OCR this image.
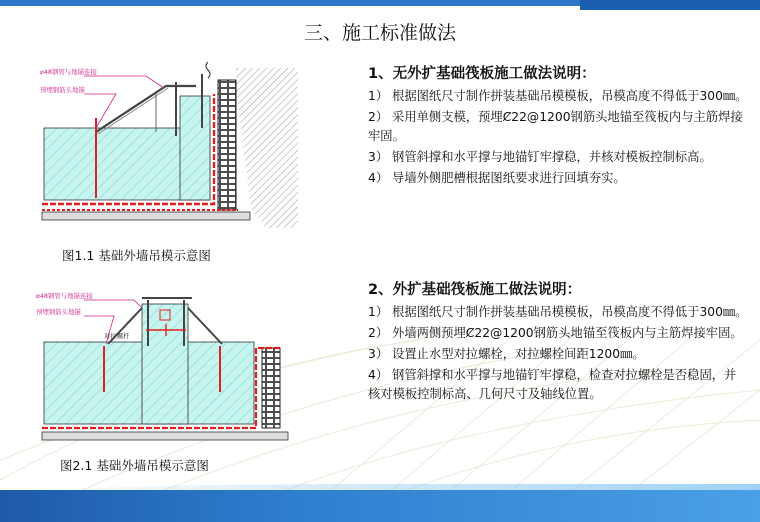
三、施工标准做法
⌀48钢管与地锚连接
预埋钢筋头地锚
图1.1 基础外墙吊模示意图
⌀48钢管与地锚连接
预埋钢筋头地锚
对拉螺杆
图2.1 基础外墙吊模示意图
1、无外扩基础筏板施工做法说明：

1） 根据图纸尺寸制作拼装基础吊模模板，吊模高度不得低于300㎜。

2） 采用单侧支模，预埋Ȼ22@1200钢筋头地锚至筏板内与主筋焊接牢固。

3） 钢管斜撑和水平撑与地锚钉牢撑稳，并核对模板控制标高。

4） 导墙外侧肥槽根据图纸要求进行回填夯实。

2、外扩基础筏板施工做法说明：

1） 根据图纸尺寸制作拼装基础吊模模板，吊模高度不得低于300㎜。

2） 外墙两侧预埋Ȼ22@1200钢筋头地锚至筏板内与主筋焊接牢固。

3） 设置止水型对拉螺栓，对拉螺栓间距1200㎜。

4） 钢管斜撑和水平撑与地锚钉牢撑稳，检查对拉螺栓是否稳固，并核对模板控制标高、几何尺寸及轴线位置。
